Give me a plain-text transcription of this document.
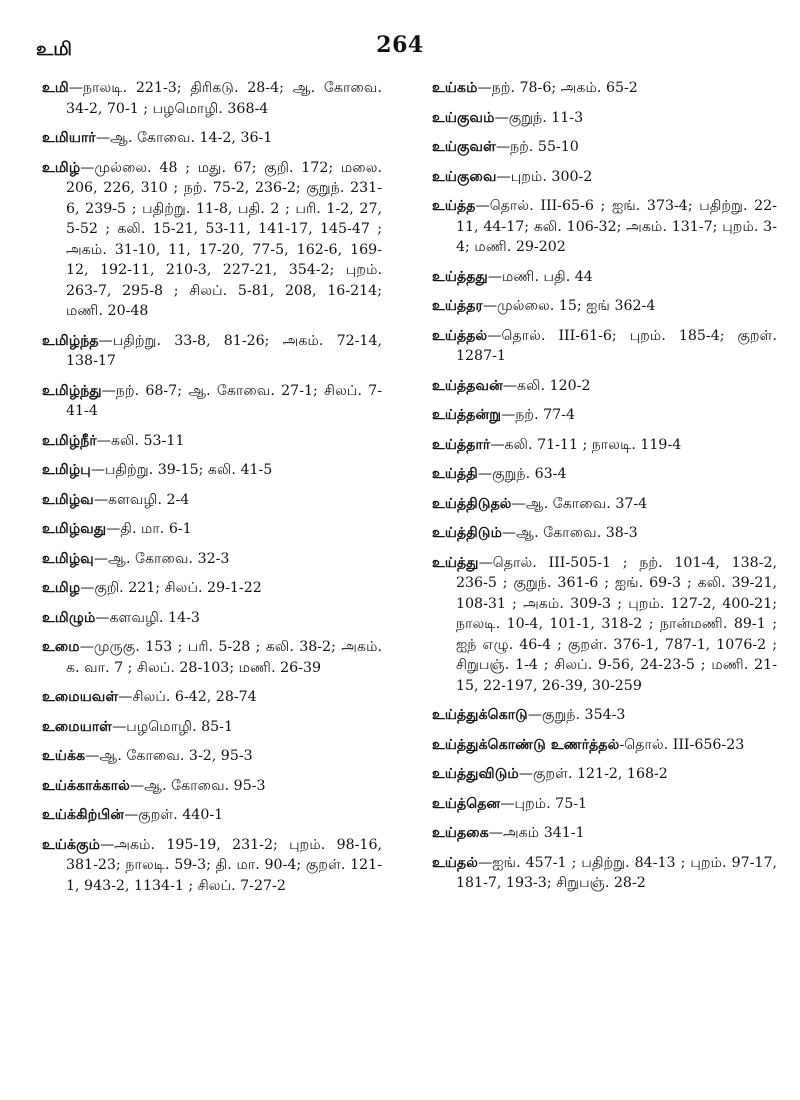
உமி	264
உமி—நாலடி. 221-3; திரிகடு. 28-4; ஆ. கோவை. 34-2, 70-1 ; பழமொழி. 368-4
உமியார்—ஆ. கோவை. 14-2, 36-1
உமிழ்—முல்லை. 48 ; மது. 67; குறி. 172; மலை. 206, 226, 310 ; நற். 75-2, 236-2; குறுந். 231-6, 239-5 ; பதிற்று. 11-8, பதி. 2 ; பரி. 1-2, 27, 5-52 ; கலி. 15-21, 53-11, 141-17, 145-47 ; அகம். 31-10, 11, 17-20, 77-5, 162-6, 169-12, 192-11, 210-3, 227-21, 354-2; புறம். 263-7, 295-8 ; சிலப். 5-81, 208, 16-214; மணி. 20-48
உமிழ்ந்த—பதிற்று. 33-8, 81-26; அகம். 72-14, 138-17
உமிழ்ந்து—நற். 68-7; ஆ. கோவை. 27-1; சிலப். 7-41-4
உமிழ்நீர்—கலி. 53-11
உமிழ்பு—பதிற்று. 39-15; கலி. 41-5
உமிழ்வ—களவழி. 2-4
உமிழ்வது—தி. மா. 6-1
உமிழ்வு—ஆ. கோவை. 32-3
உமிழ—குறி. 221; சிலப். 29-1-22
உமிழும்—களவழி. 14-3
உமை—முருகு. 153 ; பரி. 5-28 ; கலி. 38-2; அகம். க. வா. 7 ; சிலப். 28-103; மணி. 26-39
உமையவள்—சிலப். 6-42, 28-74
உமையாள்—பழமொழி. 85-1
உய்க்க—ஆ. கோவை. 3-2, 95-3
உய்க்காக்கால்—ஆ. கோவை. 95-3
உய்க்கிற்பின்—குறள். 440-1
உய்க்கும்—அகம். 195-19, 231-2; புறம். 98-16, 381-23; நாலடி. 59-3; தி. மா. 90-4; குறள். 121-1, 943-2, 1134-1 ; சிலப். 7-27-2
உய்கம்—நற். 78-6; அகம். 65-2
உய்குவம்—குறுந். 11-3
உய்குவள்—நற். 55-10
உய்குவை—புறம். 300-2
உய்த்த—தொல். III-65-6 ; ஐங். 373-4; பதிற்று. 22-11, 44-17; கலி. 106-32; அகம். 131-7; புறம். 3-4; மணி. 29-202
உய்த்தது—மணி. பதி. 44
உய்த்தர—முல்லை. 15; ஐங் 362-4
உய்த்தல்—தொல். III-61-6; புறம். 185-4; குறள். 1287-1
உய்த்தவன்—கலி. 120-2
உய்த்தன்று—நற். 77-4
உய்த்தார்—கலி. 71-11 ; நாலடி. 119-4
உய்த்தி—குறுந். 63-4
உய்த்திடுதல்—ஆ. கோவை. 37-4
உய்த்திடும்—ஆ. கோவை. 38-3
உய்த்து—தொல். III-505-1 ; நற். 101-4, 138-2, 236-5 ; குறுந். 361-6 ; ஐங். 69-3 ; கலி. 39-21, 108-31 ; அகம். 309-3 ; புறம். 127-2, 400-21; நாலடி. 10-4, 101-1, 318-2 ; நான்மணி. 89-1 ; ஐந் எழு. 46-4 ; குறள். 376-1, 787-1, 1076-2 ; சிறுபஞ். 1-4 ; சிலப். 9-56, 24-23-5 ; மணி. 21-15, 22-197, 26-39, 30-259
உய்த்துக்கொடு—குறுந். 354-3
உய்த்துக்கொண்டு உணர்த்தல்-தொல். III-656-23
உய்த்துவிடும்—குறள். 121-2, 168-2
உய்த்தென—புறம். 75-1
உய்தகை—அகம் 341-1
உய்தல்—ஐங். 457-1 ; பதிற்று. 84-13 ; புறம். 97-17, 181-7, 193-3; சிறுபஞ். 28-2
